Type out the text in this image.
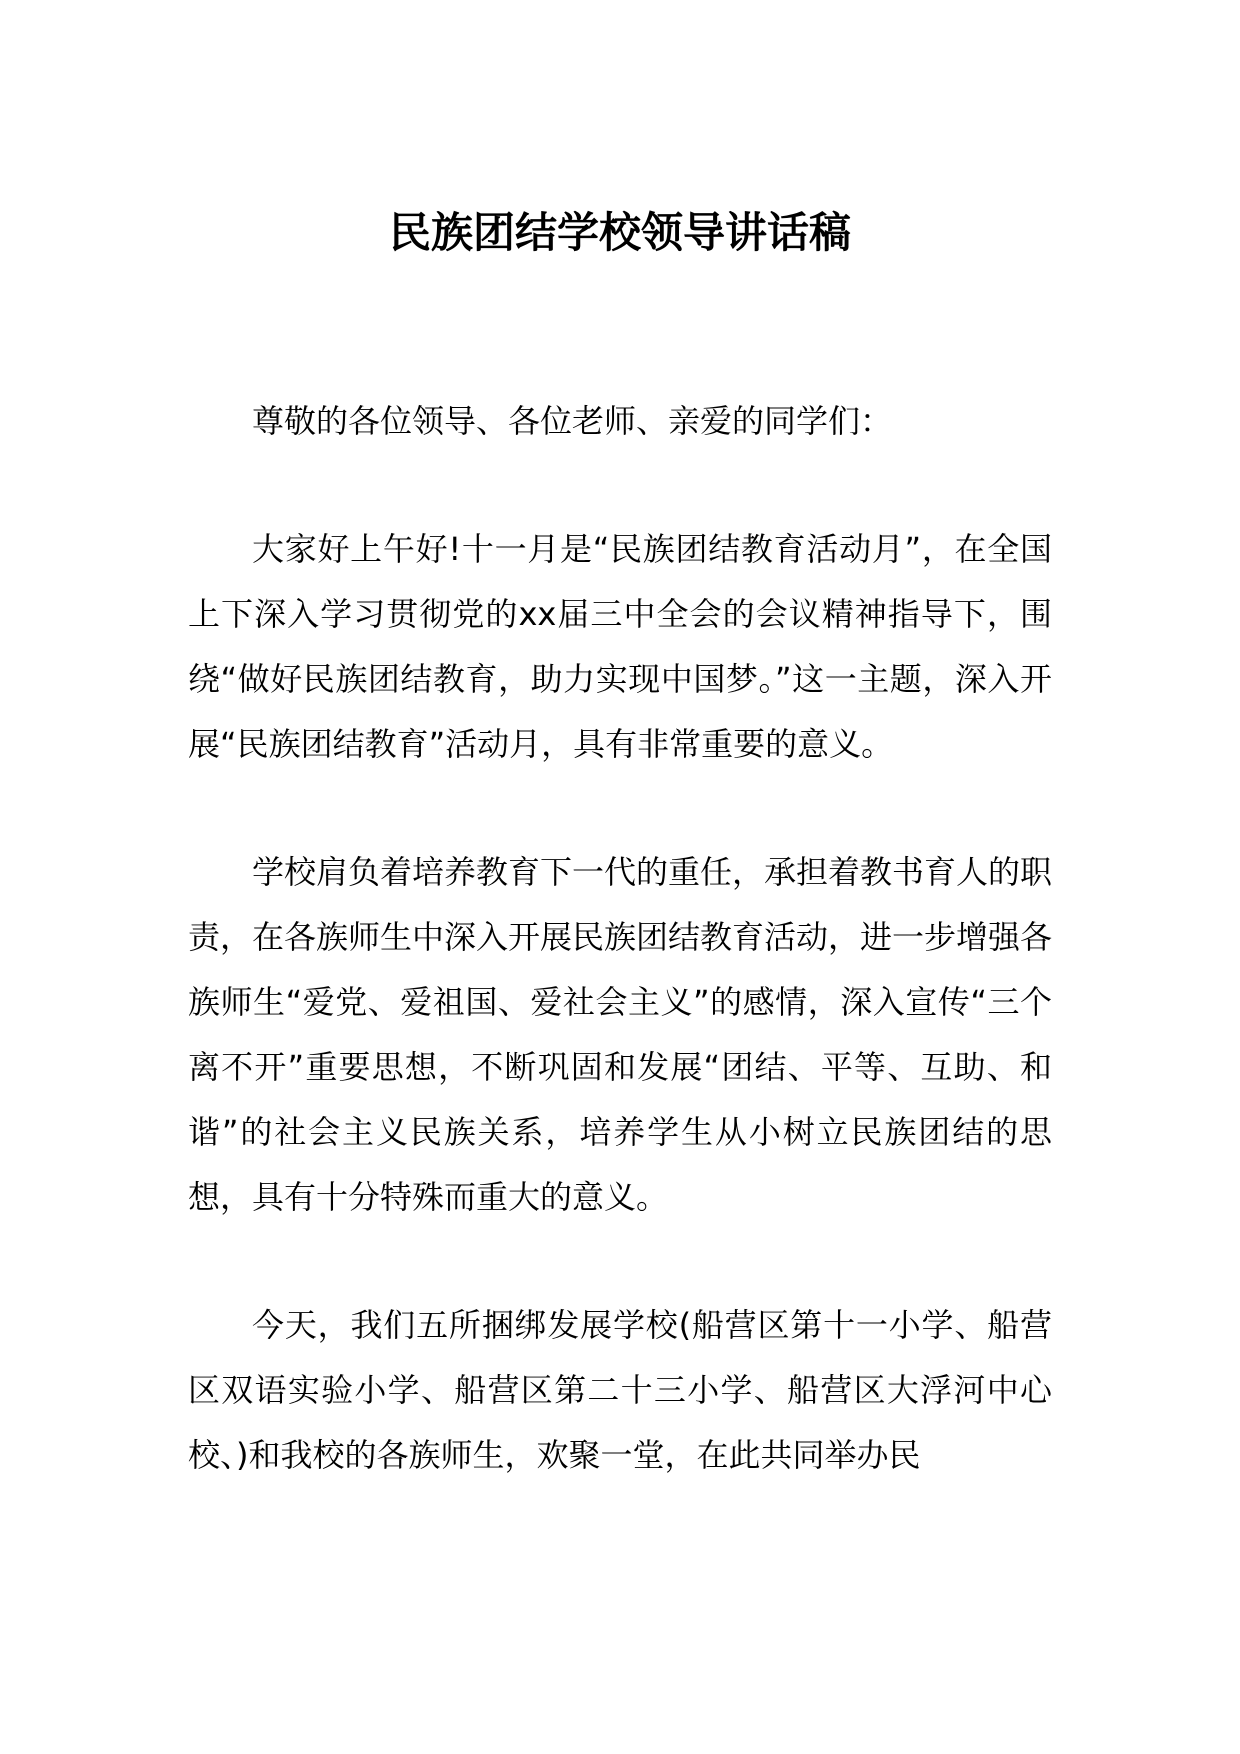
民族团结学校领导讲话稿

尊敬的各位领导、各位老师、亲爱的同学们：

大家好上午好!十一月是“民族团结教育活动月”，在全国上下深入学习贯彻党的xx届三中全会的会议精神指导下，围绕“做好民族团结教育，助力实现中国梦。”这一主题，深入开展“民族团结教育”活动月，具有非常重要的意义。

学校肩负着培养教育下一代的重任，承担着教书育人的职责，在各族师生中深入开展民族团结教育活动，进一步增强各族师生“爱党、爱祖国、爱社会主义”的感情，深入宣传“三个离不开”重要思想，不断巩固和发展“团结、平等、互助、和谐”的社会主义民族关系，培养学生从小树立民族团结的思想，具有十分特殊而重大的意义。

今天，我们五所捆绑发展学校(船营区第十一小学、船营区双语实验小学、船营区第二十三小学、船营区大浮河中心校、)和我校的各族师生，欢聚一堂，在此共同举办民
